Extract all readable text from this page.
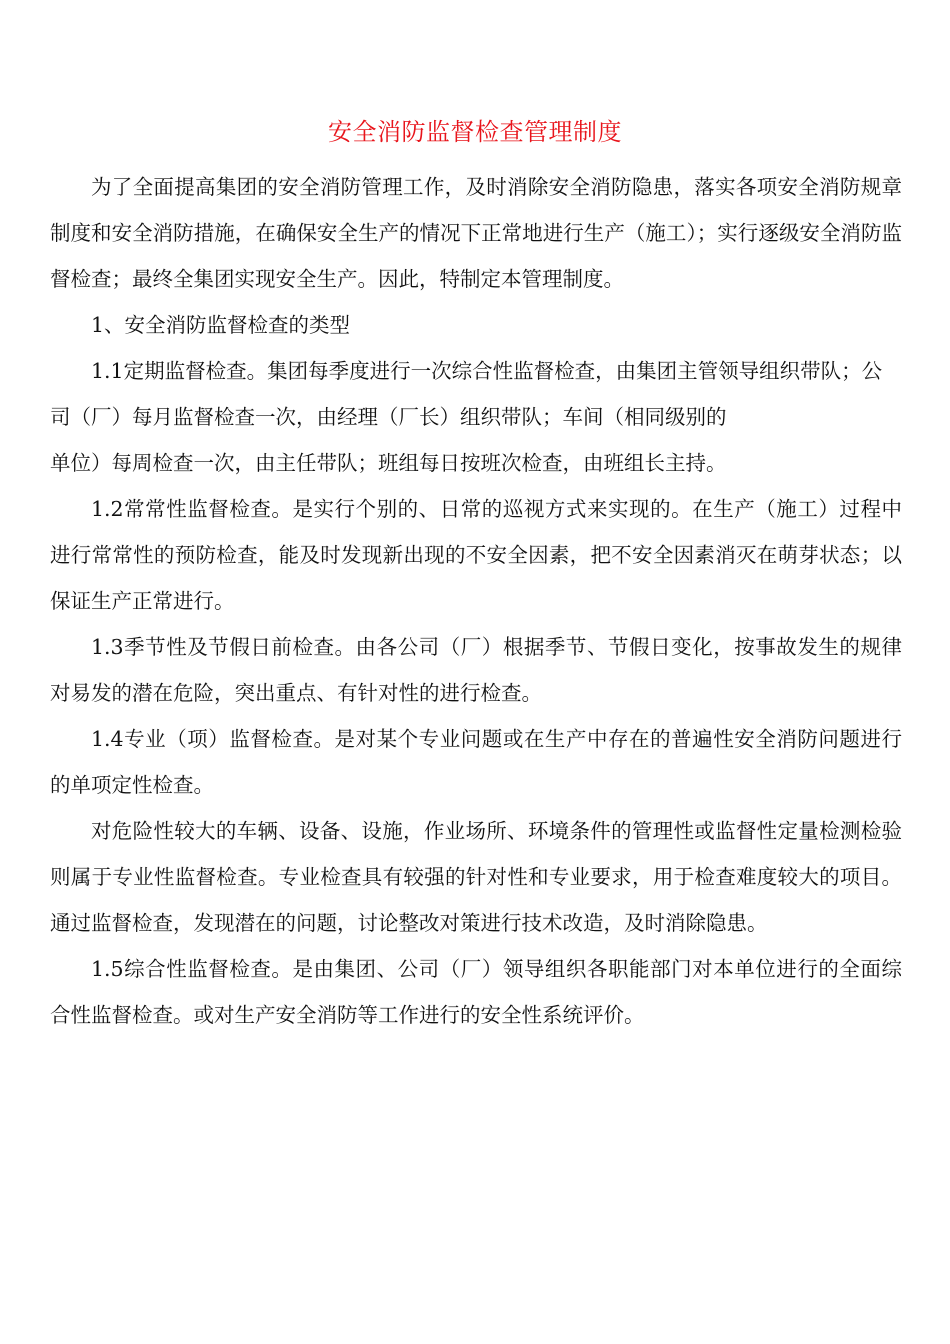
安全消防监督检查管理制度

为了全面提高集团的安全消防管理工作，及时消除安全消防隐患，落实各项安全消防规章制度和安全消防措施，在确保安全生产的情况下正常地进行生产（施工）；实行逐级安全消防监督检查；最终全集团实现安全生产。因此，特制定本管理制度。

1、安全消防监督检查的类型

1.1定期监督检查。集团每季度进行一次综合性监督检查，由集团主管领导组织带队；公司（厂）每月监督检查一次，由经理（厂长）组织带队；车间（相同级别的

单位）每周检查一次，由主任带队；班组每日按班次检查，由班组长主持。

1.2常常性监督检查。是实行个别的、日常的巡视方式来实现的。在生产（施工）过程中进行常常性的预防检查，能及时发现新出现的不安全因素，把不安全因素消灭在萌芽状态；以保证生产正常进行。

1.3季节性及节假日前检查。由各公司（厂）根据季节、节假日变化，按事故发生的规律对易发的潜在危险，突出重点、有针对性的进行检查。

1.4专业（项）监督检查。是对某个专业问题或在生产中存在的普遍性安全消防问题进行的单项定性检查。

对危险性较大的车辆、设备、设施，作业场所、环境条件的管理性或监督性定量检测检验则属于专业性监督检查。专业检查具有较强的针对性和专业要求，用于检查难度较大的项目。通过监督检查，发现潜在的问题，讨论整改对策进行技术改造，及时消除隐患。

1.5综合性监督检查。是由集团、公司（厂）领导组织各职能部门对本单位进行的全面综合性监督检查。或对生产安全消防等工作进行的安全性系统评价。
